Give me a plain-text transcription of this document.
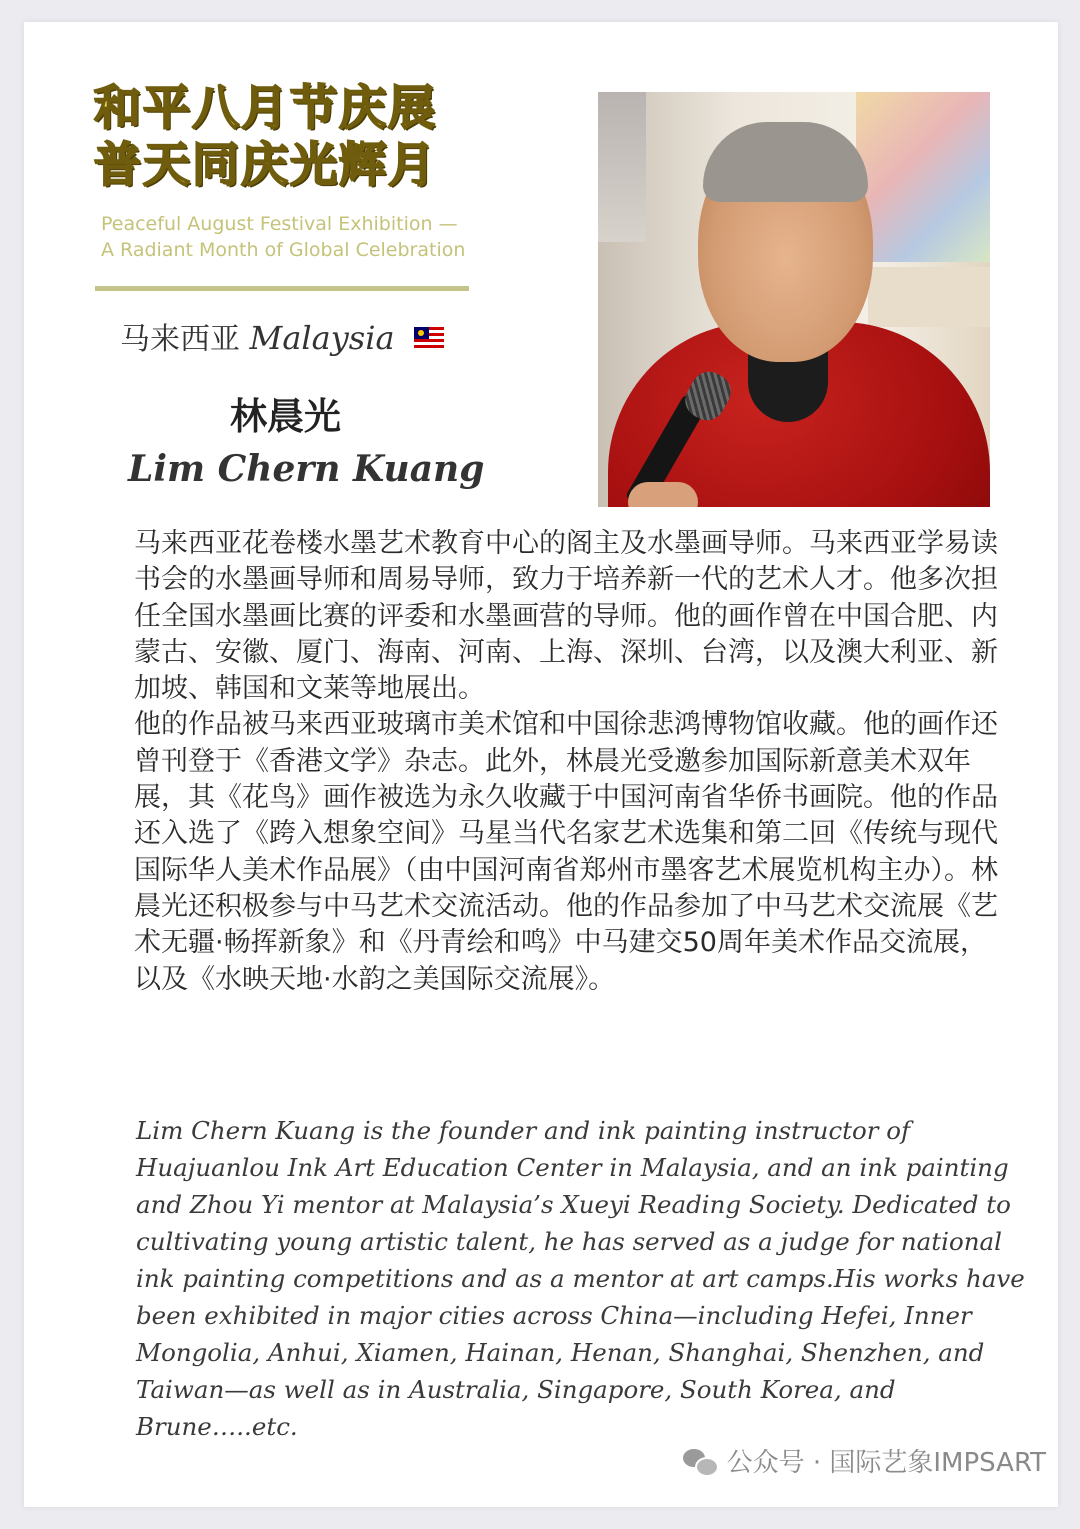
和平八月节庆展
普天同庆光辉月
Peaceful August Festival Exhibition —
A Radiant Month of Global Celebration
马来西亚 Malaysia
林晨光
Lim Chern Kuang

马来西亚花卷楼水墨艺术教育中心的阁主及水墨画导师。马来西亚学易读书会的水墨画导师和周易导师，致力于培养新一代的艺术人才。他多次担任全国水墨画比赛的评委和水墨画营的导师。他的画作曾在中国合肥、内蒙古、安徽、厦门、海南、河南、上海、深圳、台湾，以及澳大利亚、新加坡、韩国和文莱等地展出。

他的作品被马来西亚玻璃市美术馆和中国徐悲鸿博物馆收藏。他的画作还曾刊登于《香港文学》杂志。此外，林晨光受邀参加国际新意美术双年展，其《花鸟》画作被选为永久收藏于中国河南省华侨书画院。他的作品还入选了《跨入想象空间》马星当代名家艺术选集和第二回《传统与现代国际华人美术作品展》（由中国河南省郑州市墨客艺术展览机构主办）。林晨光还积极参与中马艺术交流活动。他的作品参加了中马艺术交流展《艺术无疆·畅挥新象》和《丹青绘和鸣》中马建交50周年美术作品交流展，以及《水映天地·水韵之美国际交流展》。

Lim Chern Kuang is the founder and ink painting instructor of Huajuanlou Ink Art Education Center in Malaysia, and an ink painting and Zhou Yi mentor at Malaysia’s Xueyi Reading Society. Dedicated to cultivating young artistic talent, he has served as a judge for national ink painting competitions and as a mentor at art camps.His works have been exhibited in major cities across China—including Hefei, Inner Mongolia, Anhui, Xiamen, Hainan, Henan, Shanghai, Shenzhen, and Taiwan—as well as in Australia, Singapore, South Korea, and Brune…..etc.

公众号 · 国际艺象IMPSART
